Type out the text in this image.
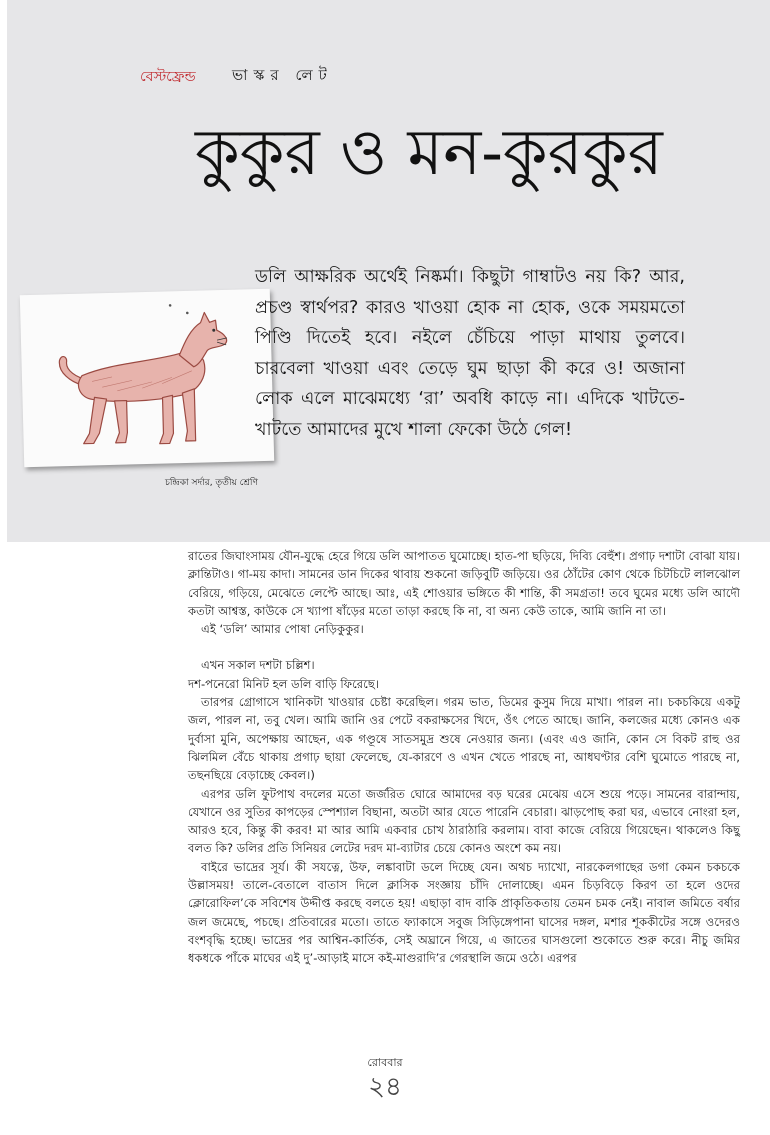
বেস্টফ্রেন্ড ভাস্কর লেট
কুকুর ও মন-কুরকুর
চন্দ্রিকা সর্দার, তৃতীয় শ্রেণি

ডলি আক্ষরিক অর্থেই নিষ্কর্মা। কিছুটা গাম্বাটও নয় কি? আর, প্রচণ্ড স্বার্থপর? কারও খাওয়া হোক না হোক, ওকে সময়মতো পিণ্ডি দিতেই হবে। নইলে চেঁচিয়ে পাড়া মাথায় তুলবে। চারবেলা খাওয়া এবং তেড়ে ঘুম ছাড়া কী করে ও! অজানা লোক এলে মাঝেমধ্যে ‘রা’ অবধি কাড়ে না। এদিকে খাটতে-খাটতে আমাদের মুখে শালা ফেকো উঠে গেল!

রাতের জিঘাংসাময় যৌন-যুদ্ধে হেরে গিয়ে ডলি আপাতত ঘুমোচ্ছে। হাত-পা ছড়িয়ে, দিব্যি বেহুঁশ। প্রগাঢ় দশাটা বোঝা যায়। ক্লান্তিটাও। গা-ময় কাদা। সামনের ডান দিকের থাবায় শুকনো জড়িবুটি জড়িয়ে। ওর ঠোঁটের কোণ থেকে চিটচিটে লালঝোল বেরিয়ে, গড়িয়ে, মেঝেতে লেপ্টে আছে। আঃ, এই শোওয়ার ভঙ্গিতে কী শান্তি, কী সমগ্রতা! তবে ঘুমের মধ্যে ডলি আদৌ কতটা আশ্বস্ত, কাউকে সে খ্যাপা ষাঁড়ের মতো তাড়া করছে কি না, বা অন্য কেউ তাকে, আমি জানি না তা।

এই ‘ডলি’ আমার পোষা নেড়িকুকুর।

এখন সকাল দশটা চল্লিশ।

দশ-পনেরো মিনিট হল ডলি বাড়ি ফিরেছে।

তারপর গ্রোগাসে খানিকটা খাওয়ার চেষ্টা করেছিল। গরম ভাত, ডিমের কুসুম দিয়ে মাখা। পারল না। চকচকিয়ে একটু জল, পারল না, তবু খেল। আমি জানি ওর পেটে বকরাক্ষসের খিদে, ওঁৎ পেতে আছে। জানি, কলজের মধ্যে কোনও এক দুর্বাসা মুনি, অপেক্ষায় আছেন, এক গণ্ডূষে সাতসমুদ্র শুষে নেওয়ার জন্য। (এবং এও জানি, কোন সে বিকট রাহু ওর ঝিলমিল বেঁচে থাকায় প্রগাঢ় ছায়া ফেলেছে, যে-কারণে ও এখন খেতে পারছে না, আধঘণ্টার বেশি ঘুমোতে পারছে না, তছনছিয়ে বেড়াচ্ছে কেবল।)

এরপর ডলি ফুটপাথ বদলের মতো জর্জরিত ঘোরে আমাদের বড় ঘরের মেঝেয় এসে শুয়ে পড়ে। সামনের বারান্দায়, যেখানে ওর সুতির কাপড়ের স্পেশ্যাল বিছানা, অতটা আর যেতে পারেনি বেচারা। ঝাড়পোছ করা ঘর, এভাবে নোংরা হল, আরও হবে, কিন্তু কী করব! মা আর আমি একবার চোখ ঠারাঠারি করলাম। বাবা কাজে বেরিয়ে গিয়েছেন। থাকলেও কিছু বলত কি? ডলির প্রতি সিনিয়র লেটের দরদ মা-ব্যাটার চেয়ে কোনও অংশে কম নয়।

বাইরে ভাদ্রের সূর্য। কী সযত্নে, উফ, লঙ্কাবাটা ডলে দিচ্ছে যেন। অথচ দ্যাখো, নারকেলগাছের ডগা কেমন চকচকে উল্লাসময়! তালে-বেতালে বাতাস দিলে ক্লাসিক সংজ্ঞায় চাঁদি দোলাচ্ছে। এমন চিড়বিড়ে কিরণ তা হলে ওদের ক্লোরোফিল’কে সবিশেষ উদ্দীপ্ত করছে বলতে হয়! এছাড়া বাদ বাকি প্রাকৃতিকতায় তেমন চমক নেই। নাবাল জমিতে বর্ষার জল জমেছে, পচছে। প্রতিবারের মতো। তাতে ফ্যাকাসে সবুজ সিড়িঙ্গেপানা ঘাসের দঙ্গল, মশার শূককীটের সঙ্গে ওদেরও বংশবৃদ্ধি হচ্ছে। ভাদ্রের পর আশ্বিন-কার্তিক, সেই অঘ্রানে গিয়ে, এ জাতের ঘাসগুলো শুকোতে শুরু করে। নীচু জমির ধকধকে পাঁকে মাঘের এই দু’-আড়াই মাসে কই-মাগুরাদি’র গেরস্থালি জমে ওঠে। এরপর

রোববার
২৪
